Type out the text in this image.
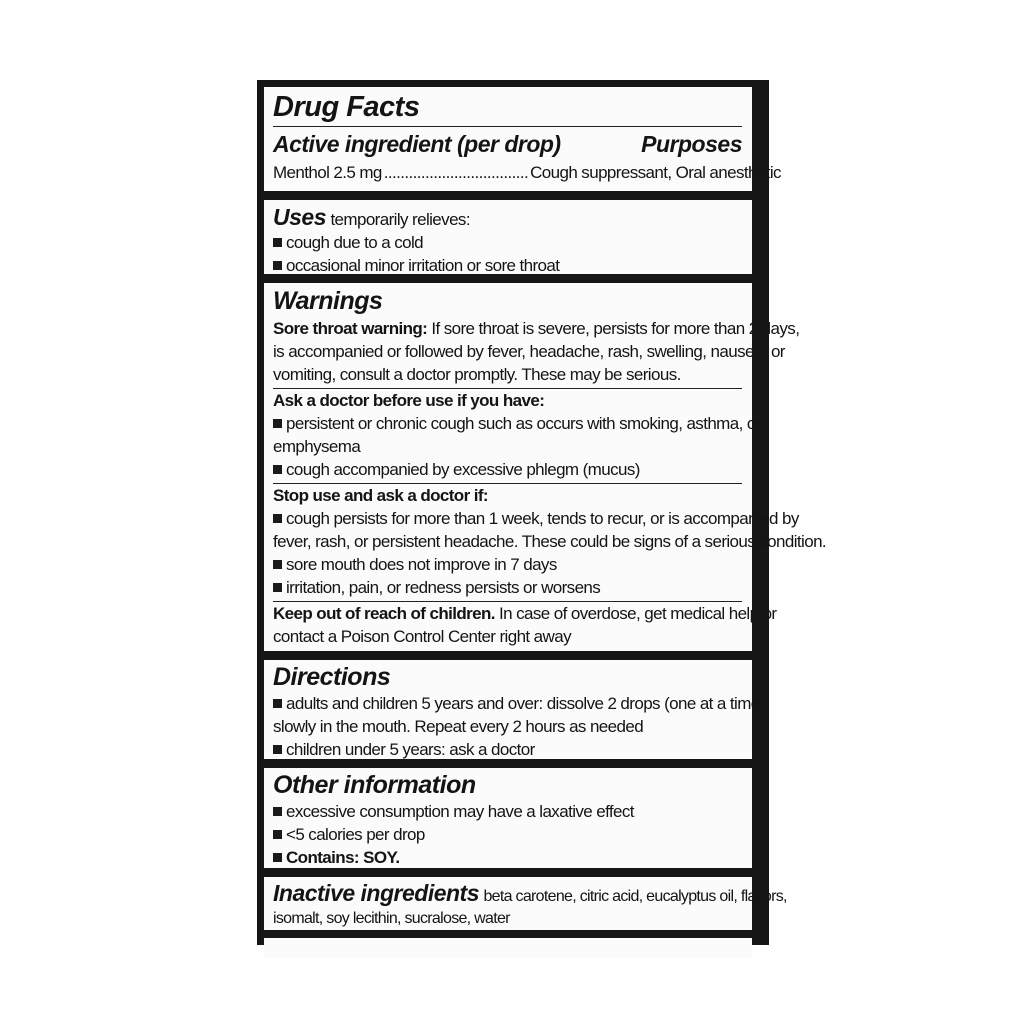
Drug Facts
Active ingredient (per drop)	Purposes
Menthol 2.5 mg ................................... Cough suppressant, Oral anesthetic
Uses temporarily relieves:
cough due to a cold
occasional minor irritation or sore throat
Warnings
Sore throat warning: If sore throat is severe, persists for more than 2 days,
is accompanied or followed by fever, headache, rash, swelling, nausea, or
vomiting, consult a doctor promptly. These may be serious.
Ask a doctor before use if you have:
persistent or chronic cough such as occurs with smoking, asthma, or
emphysema
cough accompanied by excessive phlegm (mucus)
Stop use and ask a doctor if:
cough persists for more than 1 week, tends to recur, or is accompanied by
fever, rash, or persistent headache. These could be signs of a serious condition.
sore mouth does not improve in 7 days
irritation, pain, or redness persists or worsens
Keep out of reach of children. In case of overdose, get medical help or
contact a Poison Control Center right away
Directions
adults and children 5 years and over: dissolve 2 drops (one at a time)
slowly in the mouth. Repeat every 2 hours as needed
children under 5 years: ask a doctor
Other information
excessive consumption may have a laxative effect
<5 calories per drop
Contains: SOY.
Inactive ingredients beta carotene, citric acid, eucalyptus oil, flavors,
isomalt, soy lecithin, sucralose, water
